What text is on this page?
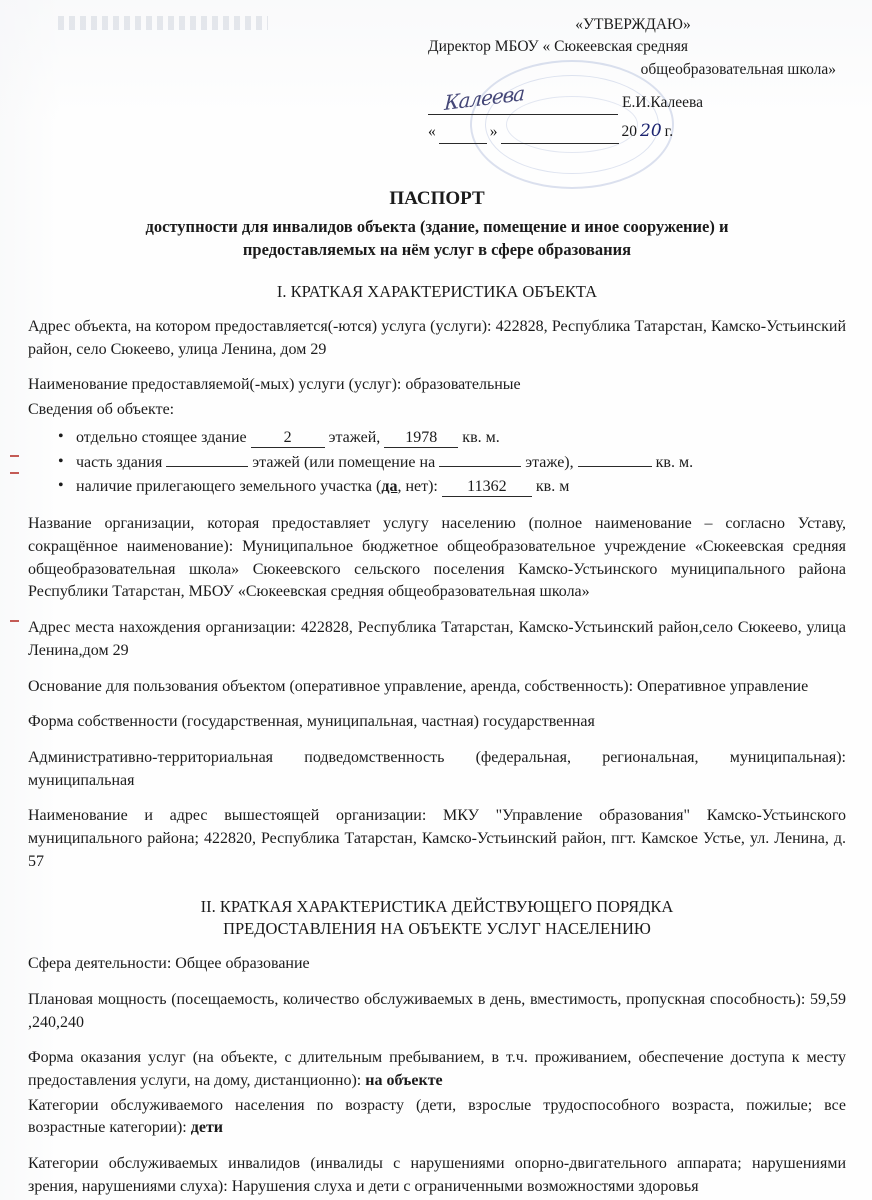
«УТВЕРЖДАЮ»
Директор МБОУ « Сюкеевская средняя
общеобразовательная школа»
Калеева	Е.И.Калеева
«	»	20 20 г.
ПАСПОРТ
доступности для инвалидов объекта (здание, помещение и иное сооружение) и
предоставляемых на нём услуг в сфере образования
I. КРАТКАЯ ХАРАКТЕРИСТИКА ОБЪЕКТА

Адрес объекта, на котором предоставляется(-ются) услуга (услуги): 422828, Республика Татарстан, Камско-Устьинский район, село Сюкеево, улица Ленина, дом 29

Наименование предоставляемой(-мых) услуги (услуг): образовательные

Сведения об объекте:

• отдельно стоящее здание 2 этажей, 1978 кв. м.
• часть здания	этажей (или помещение на	этаже),	кв. м.
• наличие прилегающего земельного участка (да, нет): 11362 кв. м

Название организации, которая предоставляет услугу населению (полное наименование – согласно Уставу, сокращённое наименование): Муниципальное бюджетное общеобразовательное учреждение «Сюкеевская средняя общеобразовательная школа» Сюкеевского сельского поселения Камско-Устьинского муниципального района Республики Татарстан, МБОУ «Сюкеевская средняя общеобразовательная школа»

Адрес места нахождения организации: 422828, Республика Татарстан, Камско-Устьинский район,село Сюкеево, улица Ленина,дом 29

Основание для пользования объектом (оперативное управление, аренда, собственность): Оперативное управление

Форма собственности (государственная, муниципальная, частная) государственная

Административно-территориальная подведомственность (федеральная, региональная, муниципальная): муниципальная

Наименование и адрес вышестоящей организации: МКУ "Управление образования" Камско-Устьинского муниципального района; 422820, Республика Татарстан, Камско-Устьинский район, пгт. Камское Устье, ул. Ленина, д. 57

II. КРАТКАЯ ХАРАКТЕРИСТИКА ДЕЙСТВУЮЩЕГО ПОРЯДКА
ПРЕДОСТАВЛЕНИЯ НА ОБЪЕКТЕ УСЛУГ НАСЕЛЕНИЮ

Сфера деятельности: Общее образование

Плановая мощность (посещаемость, количество обслуживаемых в день, вместимость, пропускная способность): 59,59 ,240,240

Форма оказания услуг (на объекте, с длительным пребыванием, в т.ч. проживанием, обеспечение доступа к месту предоставления услуги, на дому, дистанционно): на объекте

Категории обслуживаемого населения по возрасту (дети, взрослые трудоспособного возраста, пожилые; все возрастные категории): дети

Категории обслуживаемых инвалидов (инвалиды с нарушениями опорно-двигательного аппарата; нарушениями зрения, нарушениями слуха): Нарушения слуха и дети с ограниченными возможностями здоровья
